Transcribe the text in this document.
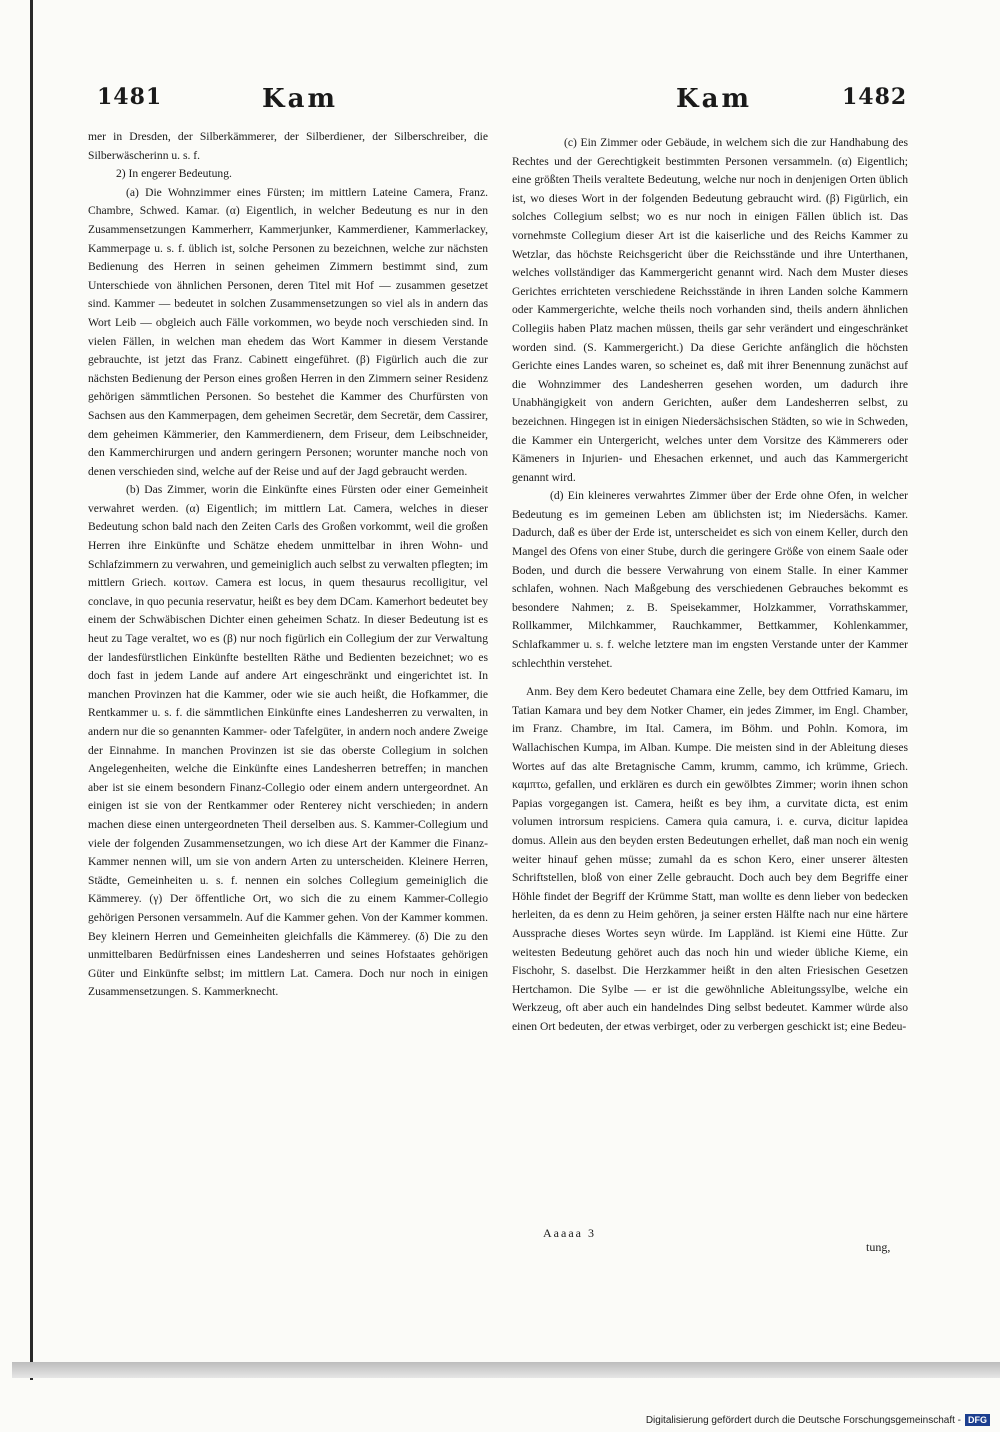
1481	Kam	Kam	1482

mer in Dresden, der Silberkämmerer, der Silberdiener, der Silberschreiber, die Silberwäscherinn u. s. f.

2) In engerer Bedeutung.

(a) Die Wohnzimmer eines Fürsten; im mittlern Lateine Camera, Franz. Chambre, Schwed. Kamar. (α) Eigentlich, in welcher Bedeutung es nur in den Zusammensetzungen Kammerherr, Kammerjunker, Kammerdiener, Kammerlackey, Kammerpage u. s. f. üblich ist, solche Personen zu bezeichnen, welche zur nächsten Bedienung des Herren in seinen geheimen Zimmern bestimmt sind, zum Unterschiede von ähnlichen Personen, deren Titel mit Hof — zusammen gesetzet sind. Kammer — bedeutet in solchen Zusammensetzungen so viel als in andern das Wort Leib — obgleich auch Fälle vorkommen, wo beyde noch verschieden sind. In vielen Fällen, in welchen man ehedem das Wort Kammer in diesem Verstande gebrauchte, ist jetzt das Franz. Cabinett eingeführet. (β) Figürlich auch die zur nächsten Bedienung der Person eines großen Herren in den Zimmern seiner Residenz gehörigen sämmtlichen Personen. So bestehet die Kammer des Churfürsten von Sachsen aus den Kammerpagen, dem geheimen Secretär, dem Secretär, dem Cassirer, dem geheimen Kämmerier, den Kammerdienern, dem Friseur, dem Leibschneider, den Kammerchirurgen und andern geringern Personen; worunter manche noch von denen verschieden sind, welche auf der Reise und auf der Jagd gebraucht werden.

(b) Das Zimmer, worin die Einkünfte eines Fürsten oder einer Gemeinheit verwahret werden. (α) Eigentlich; im mittlern Lat. Camera, welches in dieser Bedeutung schon bald nach den Zeiten Carls des Großen vorkommt, weil die großen Herren ihre Einkünfte und Schätze ehedem unmittelbar in ihren Wohn- und Schlafzimmern zu verwahren, und gemeiniglich auch selbst zu verwalten pflegten; im mittlern Griech. κοιτων. Camera est locus, in quem thesaurus recolligitur, vel conclave, in quo pecunia reservatur, heißt es bey dem DCam. Kamerhort bedeutet bey einem der Schwäbischen Dichter einen geheimen Schatz. In dieser Bedeutung ist es heut zu Tage veraltet, wo es (β) nur noch figürlich ein Collegium der zur Verwaltung der landesfürstlichen Einkünfte bestellten Räthe und Bedienten bezeichnet; wo es doch fast in jedem Lande auf andere Art eingeschränkt und eingerichtet ist. In manchen Provinzen hat die Kammer, oder wie sie auch heißt, die Hofkammer, die Rentkammer u. s. f. die sämmtlichen Einkünfte eines Landesherren zu verwalten, in andern nur die so genannten Kammer- oder Tafelgüter, in andern noch andere Zweige der Einnahme. In manchen Provinzen ist sie das oberste Collegium in solchen Angelegenheiten, welche die Einkünfte eines Landesherren betreffen; in manchen aber ist sie einem besondern Finanz-Collegio oder einem andern untergeordnet. An einigen ist sie von der Rentkammer oder Renterey nicht verschieden; in andern machen diese einen untergeordneten Theil derselben aus. S. Kammer-Collegium und viele der folgenden Zusammensetzungen, wo ich diese Art der Kammer die Finanz-Kammer nennen will, um sie von andern Arten zu unterscheiden. Kleinere Herren, Städte, Gemeinheiten u. s. f. nennen ein solches Collegium gemeiniglich die Kämmerey. (γ) Der öffentliche Ort, wo sich die zu einem Kammer-Collegio gehörigen Personen versammeln. Auf die Kammer gehen. Von der Kammer kommen. Bey kleinern Herren und Gemeinheiten gleichfalls die Kämmerey. (δ) Die zu den unmittelbaren Bedürfnissen eines Landesherren und seines Hofstaates gehörigen Güter und Einkünfte selbst; im mittlern Lat. Camera. Doch nur noch in einigen Zusammensetzungen. S. Kammerknecht.

(c) Ein Zimmer oder Gebäude, in welchem sich die zur Handhabung des Rechtes und der Gerechtigkeit bestimmten Personen versammeln. (α) Eigentlich; eine größten Theils veraltete Bedeutung, welche nur noch in denjenigen Orten üblich ist, wo dieses Wort in der folgenden Bedeutung gebraucht wird. (β) Figürlich, ein solches Collegium selbst; wo es nur noch in einigen Fällen üblich ist. Das vornehmste Collegium dieser Art ist die kaiserliche und des Reichs Kammer zu Wetzlar, das höchste Reichsgericht über die Reichsstände und ihre Unterthanen, welches vollständiger das Kammergericht genannt wird. Nach dem Muster dieses Gerichtes errichteten verschiedene Reichsstände in ihren Landen solche Kammern oder Kammergerichte, welche theils noch vorhanden sind, theils andern ähnlichen Collegiis haben Platz machen müssen, theils gar sehr verändert und eingeschränket worden sind. (S. Kammergericht.) Da diese Gerichte anfänglich die höchsten Gerichte eines Landes waren, so scheinet es, daß mit ihrer Benennung zunächst auf die Wohnzimmer des Landesherren gesehen worden, um dadurch ihre Unabhängigkeit von andern Gerichten, außer dem Landesherren selbst, zu bezeichnen. Hingegen ist in einigen Niedersächsischen Städten, so wie in Schweden, die Kammer ein Untergericht, welches unter dem Vorsitze des Kämmerers oder Kämeners in Injurien- und Ehesachen erkennet, und auch das Kammergericht genannt wird.

(d) Ein kleineres verwahrtes Zimmer über der Erde ohne Ofen, in welcher Bedeutung es im gemeinen Leben am üblichsten ist; im Niedersächs. Kamer. Dadurch, daß es über der Erde ist, unterscheidet es sich von einem Keller, durch den Mangel des Ofens von einer Stube, durch die geringere Größe von einem Saale oder Boden, und durch die bessere Verwahrung von einem Stalle. In einer Kammer schlafen, wohnen. Nach Maßgebung des verschiedenen Gebrauches bekommt es besondere Nahmen; z. B. Speisekammer, Holzkammer, Vorrathskammer, Rollkammer, Milchkammer, Rauchkammer, Bettkammer, Kohlenkammer, Schlafkammer u. s. f. welche letztere man im engsten Verstande unter der Kammer schlechthin verstehet.

Anm. Bey dem Kero bedeutet Chamara eine Zelle, bey dem Ottfried Kamaru, im Tatian Kamara und bey dem Notker Chamer, ein jedes Zimmer, im Engl. Chamber, im Franz. Chambre, im Ital. Camera, im Böhm. und Pohln. Komora, im Wallachischen Kumpa, im Alban. Kumpe. Die meisten sind in der Ableitung dieses Wortes auf das alte Bretagnische Camm, krumm, cammo, ich krümme, Griech. καμπτω, gefallen, und erklären es durch ein gewölbtes Zimmer; worin ihnen schon Papias vorgegangen ist. Camera, heißt es bey ihm, a curvitate dicta, est enim volumen introrsum respiciens. Camera quia camura, i. e. curva, dicitur lapidea domus. Allein aus den beyden ersten Bedeutungen erhellet, daß man noch ein wenig weiter hinauf gehen müsse; zumahl da es schon Kero, einer unserer ältesten Schriftstellen, bloß von einer Zelle gebraucht. Doch auch bey dem Begriffe einer Höhle findet der Begriff der Krümme Statt, man wollte es denn lieber von bedecken herleiten, da es denn zu Heim gehören, ja seiner ersten Hälfte nach nur eine härtere Aussprache dieses Wortes seyn würde. Im Lappländ. ist Kiemi eine Hütte. Zur weitesten Bedeutung gehöret auch das noch hin und wieder übliche Kieme, ein Fischohr, S. daselbst. Die Herzkammer heißt in den alten Friesischen Gesetzen Hertchamon. Die Sylbe — er ist die gewöhnliche Ableitungssylbe, welche ein Werkzeug, oft aber auch ein handelndes Ding selbst bedeutet. Kammer würde also einen Ort bedeuten, der etwas verbirget, oder zu verbergen geschickt ist; eine Bedeu-

Aaaaa 3
tung,
Digitalisierung gefördert durch die Deutsche Forschungsgemeinschaft - DFG
